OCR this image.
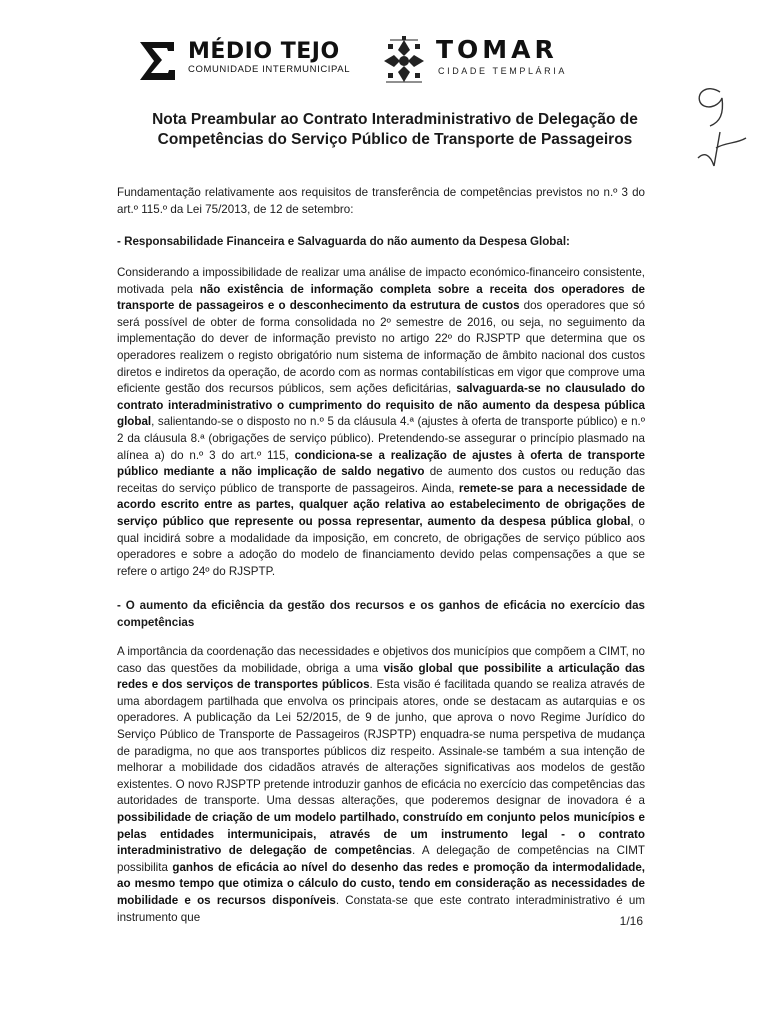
MÉDIO TEJO
COMUNIDADE INTERMUNICIPAL
TOMAR
CIDADE TEMPLÁRIA
Nota Preambular ao Contrato Interadministrativo de Delegação de
Competências do Serviço Público de Transporte de Passageiros

Fundamentação relativamente aos requisitos de transferência de competências previstos no n.º 3 do art.º 115.º da Lei 75/2013, de 12 de setembro:

- Responsabilidade Financeira e Salvaguarda do não aumento da Despesa Global:

Considerando a impossibilidade de realizar uma análise de impacto económico-financeiro consistente, motivada pela não existência de informação completa sobre a receita dos operadores de transporte de passageiros e o desconhecimento da estrutura de custos dos operadores que só será possível de obter de forma consolidada no 2º semestre de 2016, ou seja, no seguimento da implementação do dever de informação previsto no artigo 22º do RJSPTP que determina que os operadores realizem o registo obrigatório num sistema de informação de âmbito nacional dos custos diretos e indiretos da operação, de acordo com as normas contabilísticas em vigor que comprove uma eficiente gestão dos recursos públicos, sem ações deficitárias, salvaguarda-se no clausulado do contrato interadministrativo o cumprimento do requisito de não aumento da despesa pública global, salientando-se o disposto no n.º 5 da cláusula 4.ª (ajustes à oferta de transporte público) e n.º 2 da cláusula 8.ª (obrigações de serviço público). Pretendendo-se assegurar o princípio plasmado na alínea a) do n.º 3 do art.º 115, condiciona-se a realização de ajustes à oferta de transporte público mediante a não implicação de saldo negativo de aumento dos custos ou redução das receitas do serviço público de transporte de passageiros. Ainda, remete-se para a necessidade de acordo escrito entre as partes, qualquer ação relativa ao estabelecimento de obrigações de serviço público que represente ou possa representar, aumento da despesa pública global, o qual incidirá sobre a modalidade da imposição, em concreto, de obrigações de serviço público aos operadores e sobre a adoção do modelo de financiamento devido pelas compensações a que se refere o artigo 24º do RJSPTP.

- O aumento da eficiência da gestão dos recursos e os ganhos de eficácia no exercício das competências

A importância da coordenação das necessidades e objetivos dos municípios que compõem a CIMT, no caso das questões da mobilidade, obriga a uma visão global que possibilite a articulação das redes e dos serviços de transportes públicos. Esta visão é facilitada quando se realiza através de uma abordagem partilhada que envolva os principais atores, onde se destacam as autarquias e os operadores. A publicação da Lei 52/2015, de 9 de junho, que aprova o novo Regime Jurídico do Serviço Público de Transporte de Passageiros (RJSPTP) enquadra-se numa perspetiva de mudança de paradigma, no que aos transportes públicos diz respeito. Assinale-se também a sua intenção de melhorar a mobilidade dos cidadãos através de alterações significativas aos modelos de gestão existentes. O novo RJSPTP pretende introduzir ganhos de eficácia no exercício das competências das autoridades de transporte. Uma dessas alterações, que poderemos designar de inovadora é a possibilidade de criação de um modelo partilhado, construído em conjunto pelos municípios e pelas entidades intermunicipais, através de um instrumento legal - o contrato interadministrativo de delegação de competências. A delegação de competências na CIMT possibilita ganhos de eficácia ao nível do desenho das redes e promoção da intermodalidade, ao mesmo tempo que otimiza o cálculo do custo, tendo em consideração as necessidades de mobilidade e os recursos disponíveis. Constata-se que este contrato interadministrativo é um instrumento que	1/16
